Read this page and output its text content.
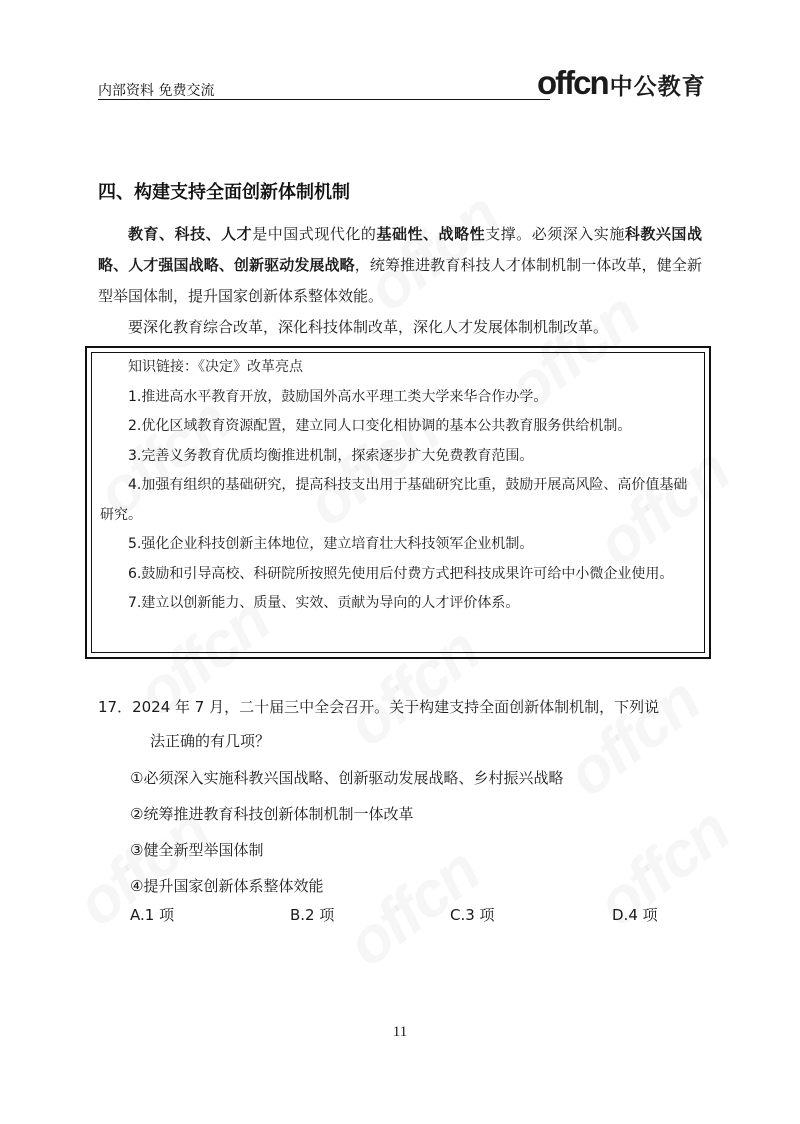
内部资料 免费交流	offcn 中公教育
四、构建支持全面创新体制机制
教育、科技、人才是中国式现代化的基础性、战略性支撑。必须深入实施科教兴国战略、人才强国战略、创新驱动发展战略，统筹推进教育科技人才体制机制一体改革，健全新型举国体制，提升国家创新体系整体效能。
要深化教育综合改革，深化科技体制改革，深化人才发展体制机制改革。
知识链接：《决定》改革亮点
1.推进高水平教育开放，鼓励国外高水平理工类大学来华合作办学。
2.优化区域教育资源配置，建立同人口变化相协调的基本公共教育服务供给机制。
3.完善义务教育优质均衡推进机制，探索逐步扩大免费教育范围。
4.加强有组织的基础研究，提高科技支出用于基础研究比重，鼓励开展高风险、高价值基础研究。
5.强化企业科技创新主体地位，建立培育壮大科技领军企业机制。
6.鼓励和引导高校、科研院所按照先使用后付费方式把科技成果许可给中小微企业使用。
7.建立以创新能力、质量、实效、贡献为导向的人才评价体系。
17．2024 年 7 月，二十届三中全会召开。关于构建支持全面创新体制机制，下列说
法正确的有几项？
①必须深入实施科教兴国战略、创新驱动发展战略、乡村振兴战略
②统筹推进教育科技创新体制机制一体改革
③健全新型举国体制
④提升国家创新体系整体效能
A.1 项	B.2 项	C.3 项	D.4 项
11
